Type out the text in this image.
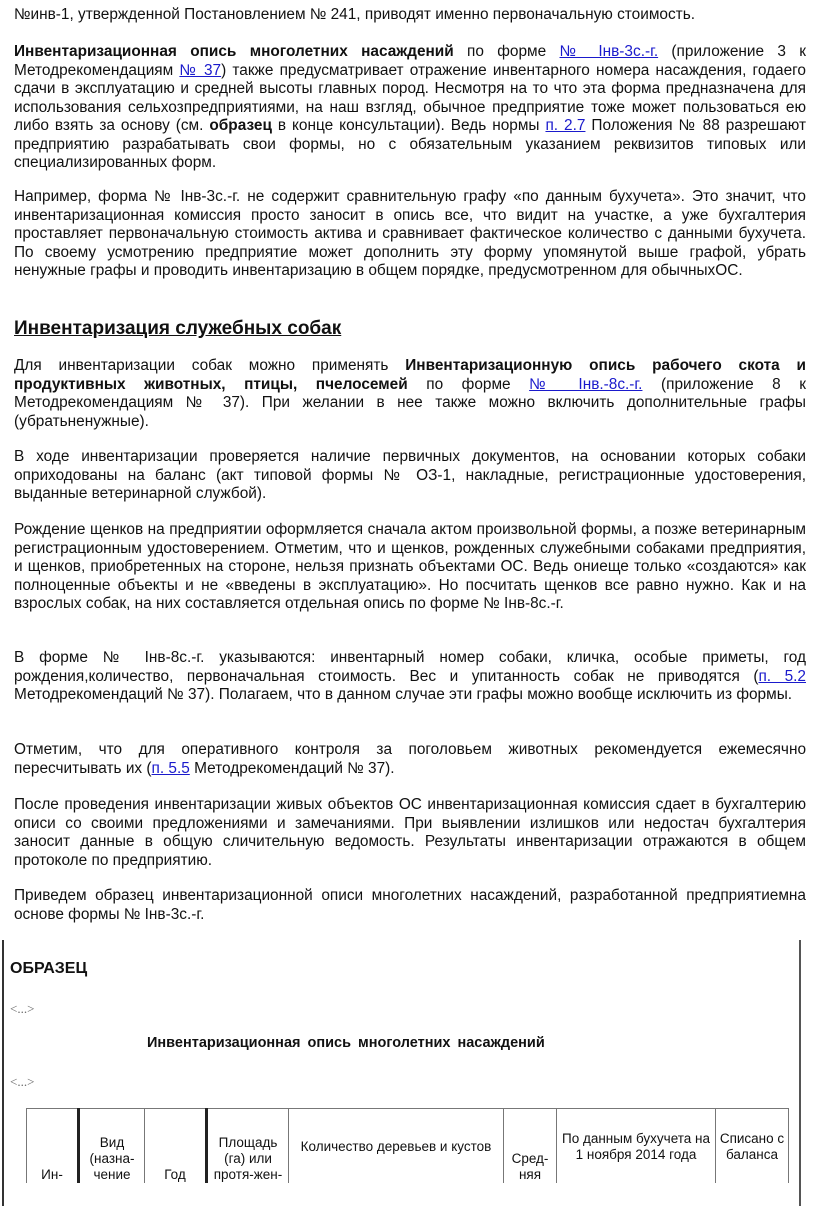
№инв-1, утвержденной Постановлением № 241, приводят именно первоначальную стоимость.

Инвентаризационная опись многолетних насаждений по форме № Інв-3с.-г. (приложение 3 к Методрекомендациям № 37) также предусматривает отражение инвентарного номера насаждения, годаего сдачи в эксплуатацию и средней высоты главных пород. Несмотря на то что эта форма предназначена для использования сельхозпредприятиями, на наш взгляд, обычное предприятие тоже может пользоваться ею либо взять за основу (см. образец в конце консультации). Ведь нормы п. 2.7 Положения № 88 разрешают предприятию разрабатывать свои формы, но с обязательным указанием реквизитов типовых или специализированных форм.

Например, форма № Інв-3с.-г. не содержит сравнительную графу «по данным бухучета». Это значит, что инвентаризационная комиссия просто заносит в опись все, что видит на участке, а уже бухгалтерия проставляет первоначальную стоимость актива и сравнивает фактическое количество с данными бухучета. По своему усмотрению предприятие может дополнить эту форму упомянутой выше графой, убрать ненужные графы и проводить инвентаризацию в общем порядке, предусмотренном для обычныхОС.

Инвентаризация служебных собак

Для инвентаризации собак можно применять Инвентаризационную опись рабочего скота и продуктивных животных, птицы, пчелосемей по форме № Інв.-8с.-г. (приложение 8 к Методрекомендациям № 37). При желании в нее также можно включить дополнительные графы (убратьненужные).

В ходе инвентаризации проверяется наличие первичных документов, на основании которых собаки оприходованы на баланс (акт типовой формы № ОЗ-1, накладные, регистрационные удостоверения, выданные ветеринарной службой).

Рождение щенков на предприятии оформляется сначала актом произвольной формы, а позже ветеринарным регистрационным удостоверением. Отметим, что и щенков, рожденных служебными собаками предприятия, и щенков, приобретенных на стороне, нельзя признать объектами ОС. Ведь ониеще только «создаются» как полноценные объекты и не «введены в эксплуатацию». Но посчитать щенков все равно нужно. Как и на взрослых собак, на них составляется отдельная опись по форме № Інв-8с.-г.

В форме № Інв-8с.-г. указываются: инвентарный номер собаки, кличка, особые приметы, год рождения,количество, первоначальная стоимость. Вес и упитанность собак не приводятся (п. 5.2 Методрекомендаций № 37). Полагаем, что в данном случае эти графы можно вообще исключить из формы.

Отметим, что для оперативного контроля за поголовьем животных рекомендуется ежемесячно пересчитывать их (п. 5.5 Методрекомендаций № 37).

После проведения инвентаризации живых объектов ОС инвентаризационная комиссия сдает в бухгалтерию описи со своими предложениями и замечаниями. При выявлении излишков или недостач бухгалтерия заносит данные в общую сличительную ведомость. Результаты инвентаризации отражаются в общем протоколе по предприятию.

Приведем образец инвентаризационной описи многолетних насаждений, разработанной предприятиемна основе формы № Інв-3с.-г.

ОБРАЗЕЦ
<...>
Инвентаризационная опись многолетних насаждений
<...>
Ин-	Вид (назна-чение	Год	Площадь (га) или протя-жен-	Количество деревьев и кустов	Сред-няя	По данным бухучета на 1 ноября 2014 года	Списано с баланса
